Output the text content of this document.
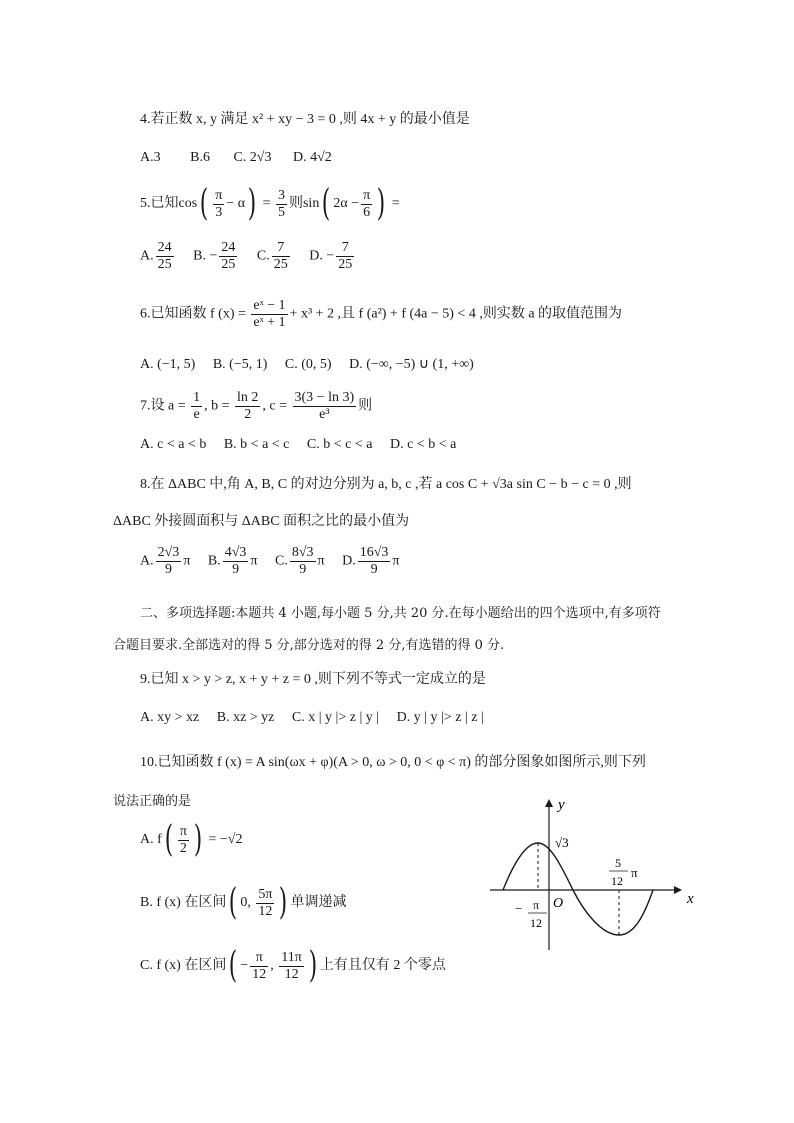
4.若正数 x, y 满足 x² + xy − 3 = 0 ,则 4x + y 的最小值是
A.3 B.6 C. 2√3 D. 4√2
5.已知$\cos( \frac{\pi}{3} - \alpha) = \frac{3}{5}$ 则sin( $2\alpha - \frac{\pi}{6}$ ) =
A. $\frac{24}{25} B$. − $\frac{24}{25} C$. $\frac{7}{25} D$. − $\frac{7}{25}$
6.已知函数 f $(x) = \frac{\text{eˣ − 1}}{\text{eˣ + 1}} + x^3 + 2$ ,且 f (a²) + f (4a − 5) < 4 ,则实数 a 的取值范围为
A. (−1, 5) B. (−5, 1) C. (0, 5) D. (−∞, −5) ∪ (1, +∞)
7.设 $a = \frac{1}{e}$ , $b = \frac{\ln 2}{2}$ , $c = \frac{3(3 - \ln 3)}{\text{e³}}$ 则
A. c < a < b B. b < a < c C. b < c < a D. c < b < a
8.在 ΔABC 中,角 A, B, C 的对边分别为 a, b, c ,若 a cos C + √3a sin C − b − c = 0 ,则
ΔABC 外接圆面积与 ΔABC 面积之比的最小值为
A. $\frac{2√3}{9}$ π B. $\frac{4√3}{9}$ π C. $\frac{8√3}{9}$ π D. $\frac{16√3}{9}$ π
二、多项选择题:本题共 4 小题,每小题 5 分,共 20 分.在每小题给出的四个选项中,有多项符
合题目要求.全部选对的得 5 分,部分选对的得 2 分,有选错的得 0 分.
9.已知 x > y > z, x + y + z = 0 ,则下列不等式一定成立的是
A. xy > xz B. xz > yz C. x | y |> z | y | D. y | y |> z | z |
10.已知函数 f (x) = A sin(ωx + φ)(A > 0, ω > 0, 0 < φ < π) 的部分图象如图所示,则下列
说法正确的是
A. $f( \frac{\pi}{2}$ ) = −√2
B. f (x) 在区间( 0, $\frac{5\pi}{12}$ ) 单调递减
C. f (x) 在区间( − $\frac{\pi}{12}$ , $\frac{11\pi}{12}$ ) 上有且仅有 2 个零点
y
x
O
√3
− π
12
5
12
π
